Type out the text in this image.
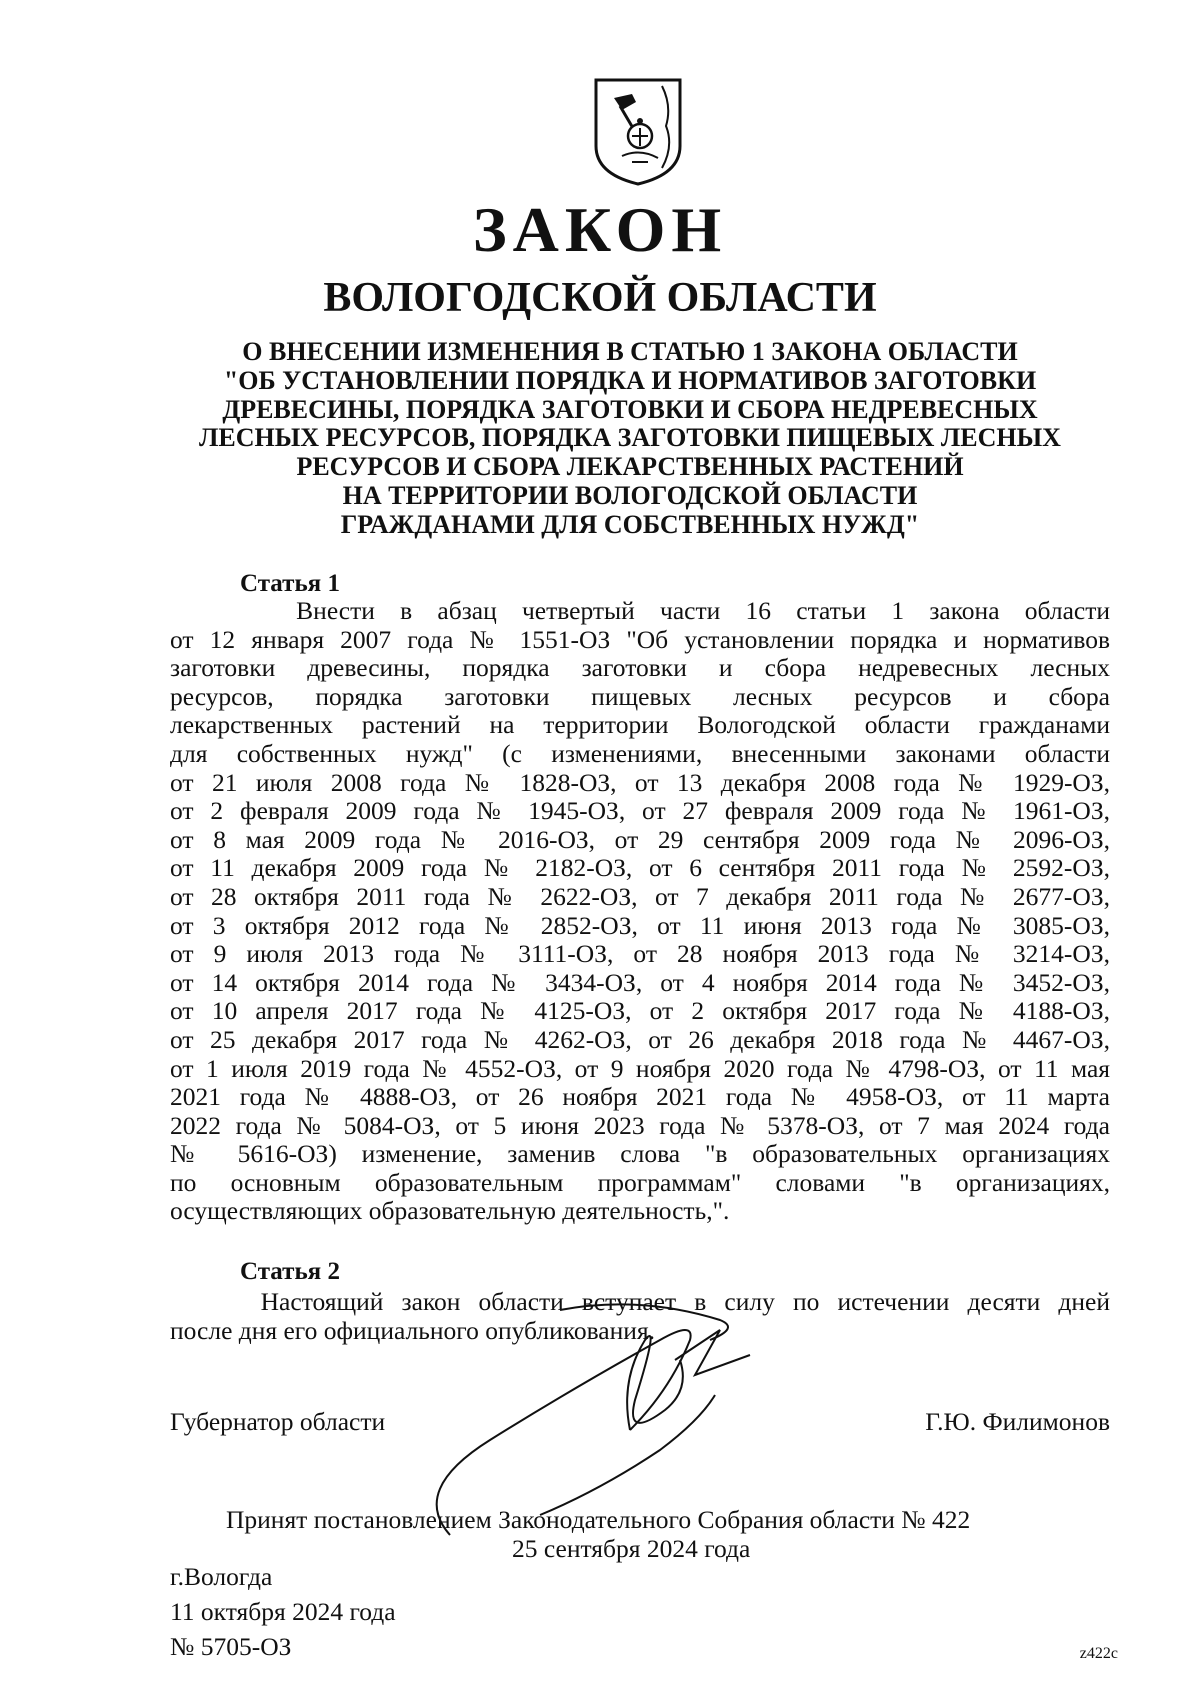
ЗАКОН
ВОЛОГОДСКОЙ ОБЛАСТИ
О ВНЕСЕНИИ ИЗМЕНЕНИЯ В СТАТЬЮ 1 ЗАКОНА ОБЛАСТИ
"ОБ УСТАНОВЛЕНИИ ПОРЯДКА И НОРМАТИВОВ ЗАГОТОВКИ
ДРЕВЕСИНЫ, ПОРЯДКА ЗАГОТОВКИ И СБОРА НЕДРЕВЕСНЫХ
ЛЕСНЫХ РЕСУРСОВ, ПОРЯДКА ЗАГОТОВКИ ПИЩЕВЫХ ЛЕСНЫХ
РЕСУРСОВ И СБОРА ЛЕКАРСТВЕННЫХ РАСТЕНИЙ
НА ТЕРРИТОРИИ ВОЛОГОДСКОЙ ОБЛАСТИ
ГРАЖДАНАМИ ДЛЯ СОБСТВЕННЫХ НУЖД"
Статья 1
Внести в абзац четвертый части 16 статьи 1 закона области
от 12 января 2007 года № 1551-ОЗ "Об установлении порядка и нормативов
заготовки древесины, порядка заготовки и сбора недревесных лесных
ресурсов, порядка заготовки пищевых лесных ресурсов и сбора
лекарственных растений на территории Вологодской области гражданами
для собственных нужд" (с изменениями, внесенными законами области
от 21 июля 2008 года № 1828-ОЗ, от 13 декабря 2008 года № 1929-ОЗ,
от 2 февраля 2009 года № 1945-ОЗ, от 27 февраля 2009 года № 1961-ОЗ,
от 8 мая 2009 года № 2016-ОЗ, от 29 сентября 2009 года № 2096-ОЗ,
от 11 декабря 2009 года № 2182-ОЗ, от 6 сентября 2011 года № 2592-ОЗ,
от 28 октября 2011 года № 2622-ОЗ, от 7 декабря 2011 года № 2677-ОЗ,
от 3 октября 2012 года № 2852-ОЗ, от 11 июня 2013 года № 3085-ОЗ,
от 9 июля 2013 года № 3111-ОЗ, от 28 ноября 2013 года № 3214-ОЗ,
от 14 октября 2014 года № 3434-ОЗ, от 4 ноября 2014 года № 3452-ОЗ,
от 10 апреля 2017 года № 4125-ОЗ, от 2 октября 2017 года № 4188-ОЗ,
от 25 декабря 2017 года № 4262-ОЗ, от 26 декабря 2018 года № 4467-ОЗ,
от 1 июля 2019 года № 4552-ОЗ, от 9 ноября 2020 года № 4798-ОЗ, от 11 мая
2021 года № 4888-ОЗ, от 26 ноября 2021 года № 4958-ОЗ, от 11 марта
2022 года № 5084-ОЗ, от 5 июня 2023 года № 5378-ОЗ, от 7 мая 2024 года
№ 5616-ОЗ) изменение, заменив слова "в образовательных организациях
по основным образовательным программам" словами "в организациях,
осуществляющих образовательную деятельность,".
Статья 2
Настоящий закон области вступает в силу по истечении десяти дней
после дня его официального опубликования.
Губернатор области	Г.Ю. Филимонов
Принят постановлением Законодательного Собрания области № 422
25 сентября 2024 года
г.Вологда
11 октября 2024 года
№ 5705-ОЗ	z422c
